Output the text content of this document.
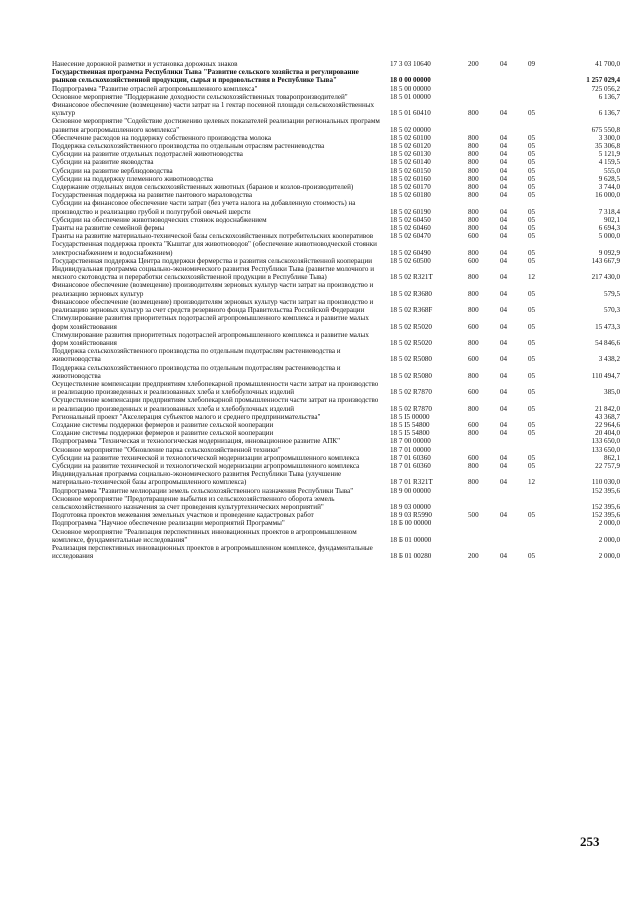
Нанесение дорожной разметки и установка дорожных знаков	17 3 03 10640	200	04	09	41 700,0
Государственная программа Республики Тыва "Развитие сельского хозяйства и регулирование рынков сельскохозяйственной продукции, сырья и продовольствия в Республике Тыва"	18 0 00 00000				1 257 029,4
Подпрограмма "Развитие отраслей агропромышленного комплекса"	18 5 00 00000				725 056,2
Основное мероприятие "Поддержание доходности сельскохозяйственных товаропроизводителей"	18 5 01 00000				6 136,7
Финансовое обеспечение (возмещение) части затрат на 1 гектар посевной площади сельскохозяйственных культур	18 5 01 60410	800	04	05	6 136,7
Основное мероприятие "Содействие достижению целевых показателей реализации региональных программ развития агропромышленного комплекса"	18 5 02 00000				675 550,8
Обеспечение расходов на поддержку собственного производства молока	18 5 02 60100	800	04	05	3 300,0
Поддержка сельскохозяйственного производства по отдельным отраслям растениеводства	18 5 02 60120	800	04	05	35 306,8
Субсидии на развитие отдельных подотраслей животноводства	18 5 02 60130	800	04	05	5 121,9
Субсидии на развитие яководства	18 5 02 60140	800	04	05	4 159,5
Субсидии на развитие верблюдоводства	18 5 02 60150	800	04	05	555,0
Субсидии на поддержку племенного животноводства	18 5 02 60160	800	04	05	9 628,5
Содержание отдельных видов сельскохозяйственных животных (баранов и козлов-производителей)	18 5 02 60170	800	04	05	3 744,0
Государственная поддержка на развитие пантового мараловодства	18 5 02 60180	800	04	05	16 000,0
Субсидии на финансовое обеспечение части затрат (без учета налога на добавленную стоимость) на производство и реализацию грубой и полугрубой овечьей шерсти	18 5 02 60190	800	04	05	7 318,4
Субсидии на обеспечение животноводческих стоянок водоснабжением	18 5 02 60450	800	04	05	902,1
Гранты на развитие семейной фермы	18 5 02 60460	800	04	05	6 694,3
Гранты на развитие материально-технической базы сельскохозяйственных потребительских кооперативов	18 5 02 60470	600	04	05	5 000,0
Государственная поддержка проекта "Кыштаг для животноводов" (обеспечение животноводческой стоянки электроснабжением и водоснабжением)	18 5 02 60490	800	04	05	9 092,9
Государственная поддержка Центра поддержки фермерства и развития сельскохозяйственной кооперации	18 5 02 60500	600	04	05	143 667,9
Индивидуальная программа социально-экономического развития Республики Тыва (развитие молочного и мясного скотоводства и переработки сельскохозяйственной продукции в Республике Тыва)	18 5 02 R321T	800	04	12	217 430,0
Финансовое обеспечение (возмещение) производителям зерновых культур части затрат на производство и реализацию зерновых культур	18 5 02 R3680	800	04	05	579,5
Финансовое обеспечение (возмещение) производителям зерновых культур части затрат на производство и реализацию зерновых культур за счет средств резервного фонда Правительства Российской Федерации	18 5 02 R368F	800	04	05	570,3
Стимулирование развития приоритетных подотраслей агропромышленного комплекса и развитие малых форм хозяйствования	18 5 02 R5020	600	04	05	15 473,3
Стимулирование развития приоритетных подотраслей агропромышленного комплекса и развитие малых форм хозяйствования	18 5 02 R5020	800	04	05	54 846,6
Поддержка сельскохозяйственного производства по отдельным подотраслям растениеводства и животноводства	18 5 02 R5080	600	04	05	3 438,2
Поддержка сельскохозяйственного производства по отдельным подотраслям растениеводства и животноводства	18 5 02 R5080	800	04	05	110 494,7
Осуществление компенсации предприятиям хлебопекарной промышленности части затрат на производство и реализацию произведенных и реализованных хлеба и хлебобулочных изделий	18 5 02 R7870	600	04	05	385,0
Осуществление компенсации предприятиям хлебопекарной промышленности части затрат на производство и реализацию произведенных и реализованных хлеба и хлебобулочных изделий	18 5 02 R7870	800	04	05	21 842,0
Региональный проект "Акселерация субъектов малого и среднего предпринимательства"	18 5 I5 00000				43 368,7
Создание системы поддержки фермеров и развитие сельской кооперации	18 5 I5 54800	600	04	05	22 964,6
Создание системы поддержки фермеров и развитие сельской кооперации	18 5 I5 54800	800	04	05	20 404,0
Подпрограмма "Техническая и технологическая модернизация, инновационное развитие АПК"	18 7 00 00000				133 650,0
Основное мероприятие "Обновление парка сельскохозяйственной техники"	18 7 01 00000				133 650,0
Субсидии на развитие технической и технологической модернизации агропромышленного комплекса	18 7 01 60360	600	04	05	862,1
Субсидии на развитие технической и технологической модернизации агропромышленного комплекса	18 7 01 60360	800	04	05	22 757,9
Индивидуальная программа социально-экономического развития Республики Тыва (улучшение материально-технической базы агропромышленного комплекса)	18 7 01 R321T	800	04	12	110 030,0
Подпрограмма "Развитие мелиорации земель сельскохозяйственного назначения Республики Тыва"	18 9 00 00000				152 395,6
Основное мероприятие "Предотвращение выбытия из сельскохозяйственного оборота земель сельскохозяйственного назначения за счет проведения культуртехнических мероприятий"	18 9 03 00000				152 395,6
Подготовка проектов межевания земельных участков и проведение кадастровых работ	18 9 03 R5990	500	04	05	152 395,6
Подпрограмма "Научное обеспечение реализации мероприятий Программы"	18 Б 00 00000				2 000,0
Основное мероприятие "Реализация перспективных инновационных проектов в агропромышленном комплексе, фундаментальные исследования"	18 Б 01 00000				2 000,0
Реализация перспективных инновационных проектов в агропромышленном комплексе, фундаментальные исследования	18 Б 01 00280	200	04	05	2 000,0
253
